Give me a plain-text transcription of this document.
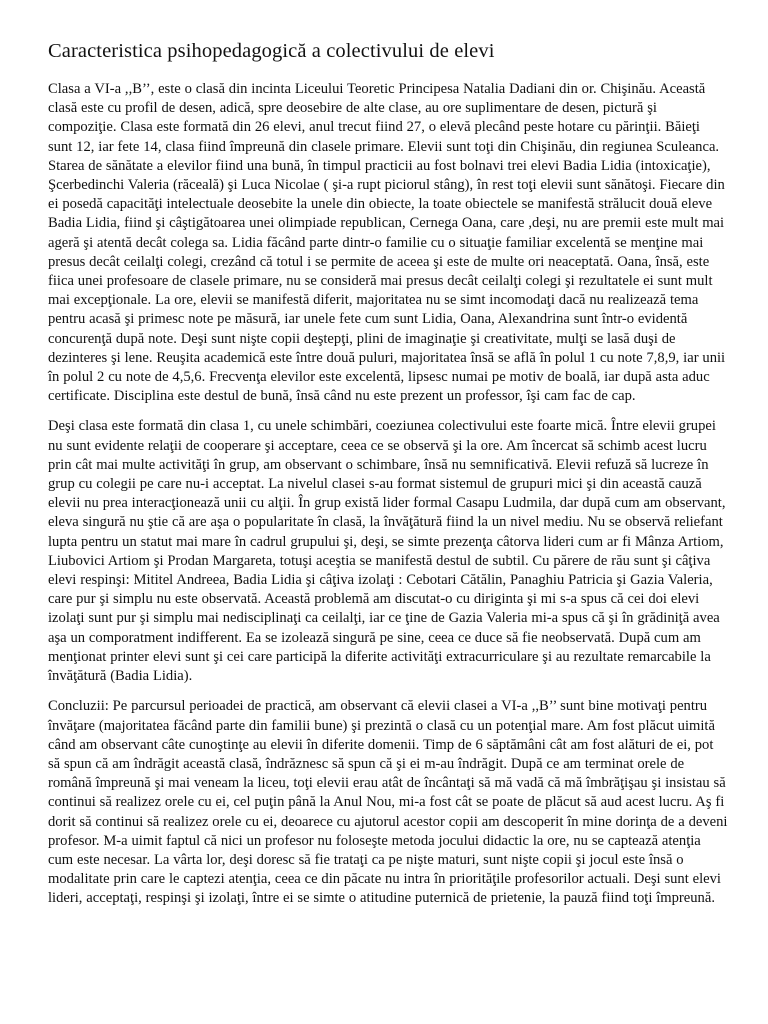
Caracteristica psihopedagogică a colectivului de elevi

Clasa a VI-a ,,B’’, este o clasă din incinta Liceului Teoretic Principesa Natalia Dadiani din or. Chişinău. Această clasă este cu profil de desen, adică, spre deosebire de alte clase, au ore suplimentare de desen, pictură şi compoziţie. Clasa este formată din 26 elevi, anul trecut fiind 27, o elevă plecând peste hotare cu părinţii. Băieţi sunt 12, iar fete 14, clasa fiind împreună din clasele primare. Elevii sunt toţi din Chişinău, din regiunea Sculeanca. Starea de sănătate a elevilor fiind una bună, în timpul practicii au fost bolnavi trei elevi Badia Lidia (intoxicaţie), Şcerbedinchi Valeria (răceală) şi Luca Nicolae ( şi-a rupt piciorul stâng), în rest toţi elevii sunt sănătoşi. Fiecare din ei posedă capacităţi intelectuale deosebite la unele din obiecte, la toate obiectele se manifestă strălucit două eleve Badia Lidia, fiind şi câştigătoarea unei olimpiade republican, Cernega Oana, care ,deşi, nu are premii este mult mai ageră şi atentă decât colega sa. Lidia făcând parte dintr-o familie cu o situaţie familiar excelentă se menţine mai presus decât ceilalţi colegi, crezând că totul i se permite de aceea şi este de multe ori neaceptată. Oana, însă, este fiica unei profesoare de clasele primare, nu se consideră mai presus decât ceilalţi colegi şi rezultatele ei sunt mult mai excepţionale. La ore, elevii se manifestă diferit, majoritatea nu se simt incomodaţi dacă nu realizează tema pentru acasă şi primesc note pe măsură, iar unele fete cum sunt Lidia, Oana, Alexandrina sunt într-o evidentă concurenţă după note. Deşi sunt nişte copii deştepţi, plini de imaginaţie şi creativitate, mulţi se lasă duşi de dezinteres şi lene. Reuşita academică este între două puluri, majoritatea însă se află în polul 1 cu note 7,8,9, iar unii în polul 2 cu note de 4,5,6. Frecvenţa elevilor este excelentă, lipsesc numai pe motiv de boală, iar după asta aduc certificate. Disciplina este destul de bună, însă când nu este prezent un professor, îşi cam fac de cap.

Deşi clasa este formată din clasa 1, cu unele schimbări, coeziunea colectivului este foarte mică. Între elevii grupei nu sunt evidente relaţii de cooperare şi acceptare, ceea ce se observă şi la ore. Am încercat să schimb acest lucru prin cât mai multe activităţi în grup, am observant o schimbare, însă nu semnificativă. Elevii refuză să lucreze în grup cu colegii pe care nu-i acceptat. La nivelul clasei s-au format sistemul de grupuri mici şi din această cauză elevii nu prea interacţionează unii cu alţii. În grup există lider formal Casapu Ludmila, dar după cum am observant, eleva singură nu ştie că are aşa o popularitate în clasă, la învăţătură fiind la un nivel mediu. Nu se observă reliefant lupta pentru un statut mai mare în cadrul grupului şi, deşi, se simte prezenţa câtorva lideri cum ar fi Mânza Artiom, Liubovici Artiom şi Prodan Margareta, totuşi aceştia se manifestă destul de subtil. Cu părere de rău sunt şi câţiva elevi respinşi: Mititel Andreea, Badia Lidia şi câţiva izolaţi : Cebotari Cătălin, Panaghiu Patricia şi Gazia Valeria, care pur şi simplu nu este observată. Această problemă am discutat-o cu diriginta şi mi s-a spus că cei doi elevi izolaţi sunt pur şi simplu mai nedisciplinaţi ca ceilalţi, iar ce ţine de Gazia Valeria mi-a spus că şi în grădiniţă avea aşa un comporatment indifferent. Ea se izolează singură pe sine, ceea ce duce să fie neobservată. După cum am menţionat printer elevi sunt şi cei care participă la diferite activităţi extracurriculare şi au rezultate remarcabile la învăţătură (Badia Lidia).

Concluzii: Pe parcursul perioadei de practică, am observant că elevii clasei a VI-a ,,B’’ sunt bine motivaţi pentru învăţare (majoritatea făcând parte din familii bune) şi prezintă o clasă cu un potenţial mare. Am fost plăcut uimită când am observant câte cunoştinţe au elevii în diferite domenii. Timp de 6 săptămâni cât am fost alături de ei, pot să spun că am îndrăgit această clasă, îndrăznesc să spun că şi ei m-au îndrăgit. După ce am terminat orele de română împreună şi mai veneam la liceu, toţi elevii erau atât de încântaţi să mă vadă că mă îmbrăţişau şi insistau să continui să realizez orele cu ei, cel puţin până la Anul Nou, mi-a fost cât se poate de plăcut să aud acest lucru. Aş fi dorit să continui să realizez orele cu ei, deoarece cu ajutorul acestor copii am descoperit în mine dorinţa de a deveni profesor. M-a uimit faptul că nici un profesor nu foloseşte metoda jocului didactic la ore, nu se captează atenţia cum este necesar. La vârta lor, deşi doresc să fie trataţi ca pe nişte maturi, sunt nişte copii şi jocul este însă o modalitate prin care le captezi atenţia, ceea ce din păcate nu intra în priorităţile profesorilor actuali. Deşi sunt elevi lideri, acceptaţi, respinşi şi izolaţi, între ei se simte o atitudine puternică de prietenie, la pauză fiind toţi împreună.
